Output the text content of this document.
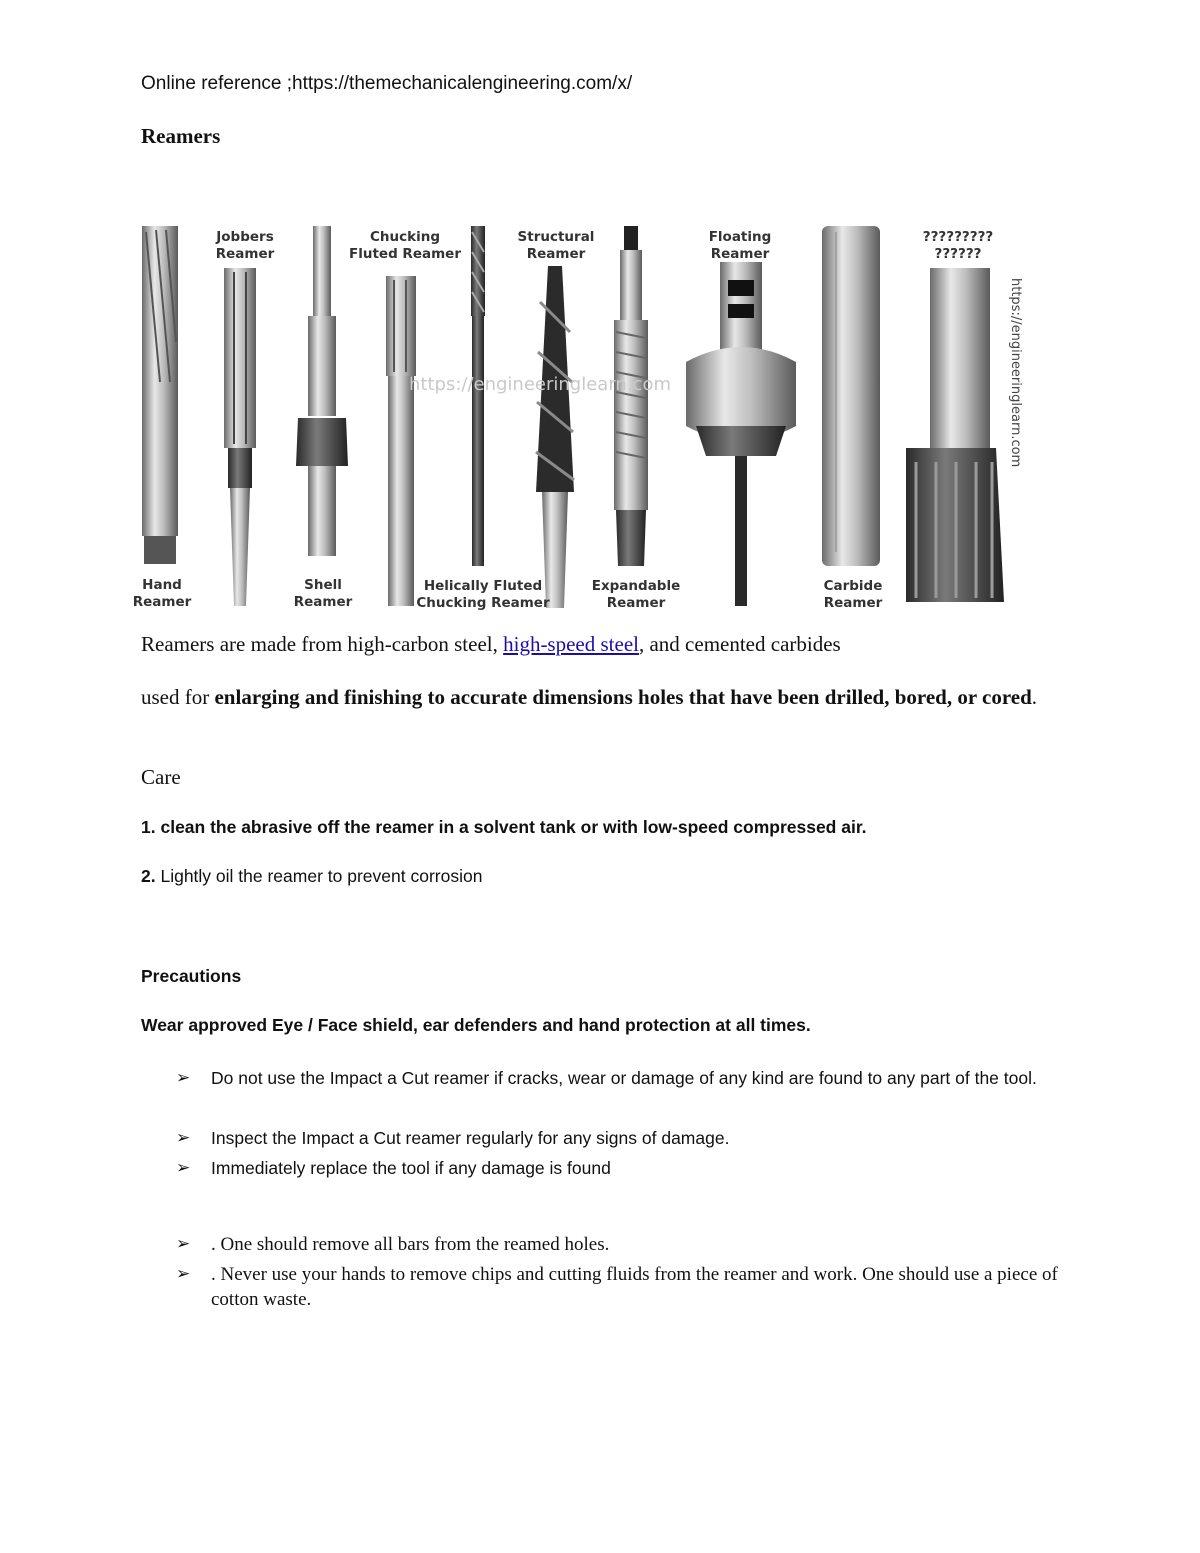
Online reference ;https://themechanicalengineering.com/x/
Reamers
https://engineeringlearn.com	https://engineeringlearn.com
Hand
Reamer
Jobbers
Reamer
Shell
Reamer
Chucking
Fluted Reamer
Helically Fluted
Chucking Reamer
Structural
Reamer
Expandable
Reamer
Floating
Reamer
Carbide
Reamer
?????????
??????
Reamers are made from high-carbon steel, high-speed steel, and cemented carbides
used for enlarging and finishing to accurate dimensions holes that have been drilled, bored, or cored.
Care
1. clean the abrasive off the reamer in a solvent tank or with low-speed compressed air.
2. Lightly oil the reamer to prevent corrosion
Precautions
Wear approved Eye / Face shield, ear defenders and hand protection at all times.
➢ Do not use the Impact a Cut reamer if cracks, wear or damage of any kind are found to any part of the tool.
➢ Inspect the Impact a Cut reamer regularly for any signs of damage.
➢ Immediately replace the tool if any damage is found
➢ . One should remove all bars from the reamed holes.
➢ . Never use your hands to remove chips and cutting fluids from the reamer and work. One should use a piece of cotton waste.
